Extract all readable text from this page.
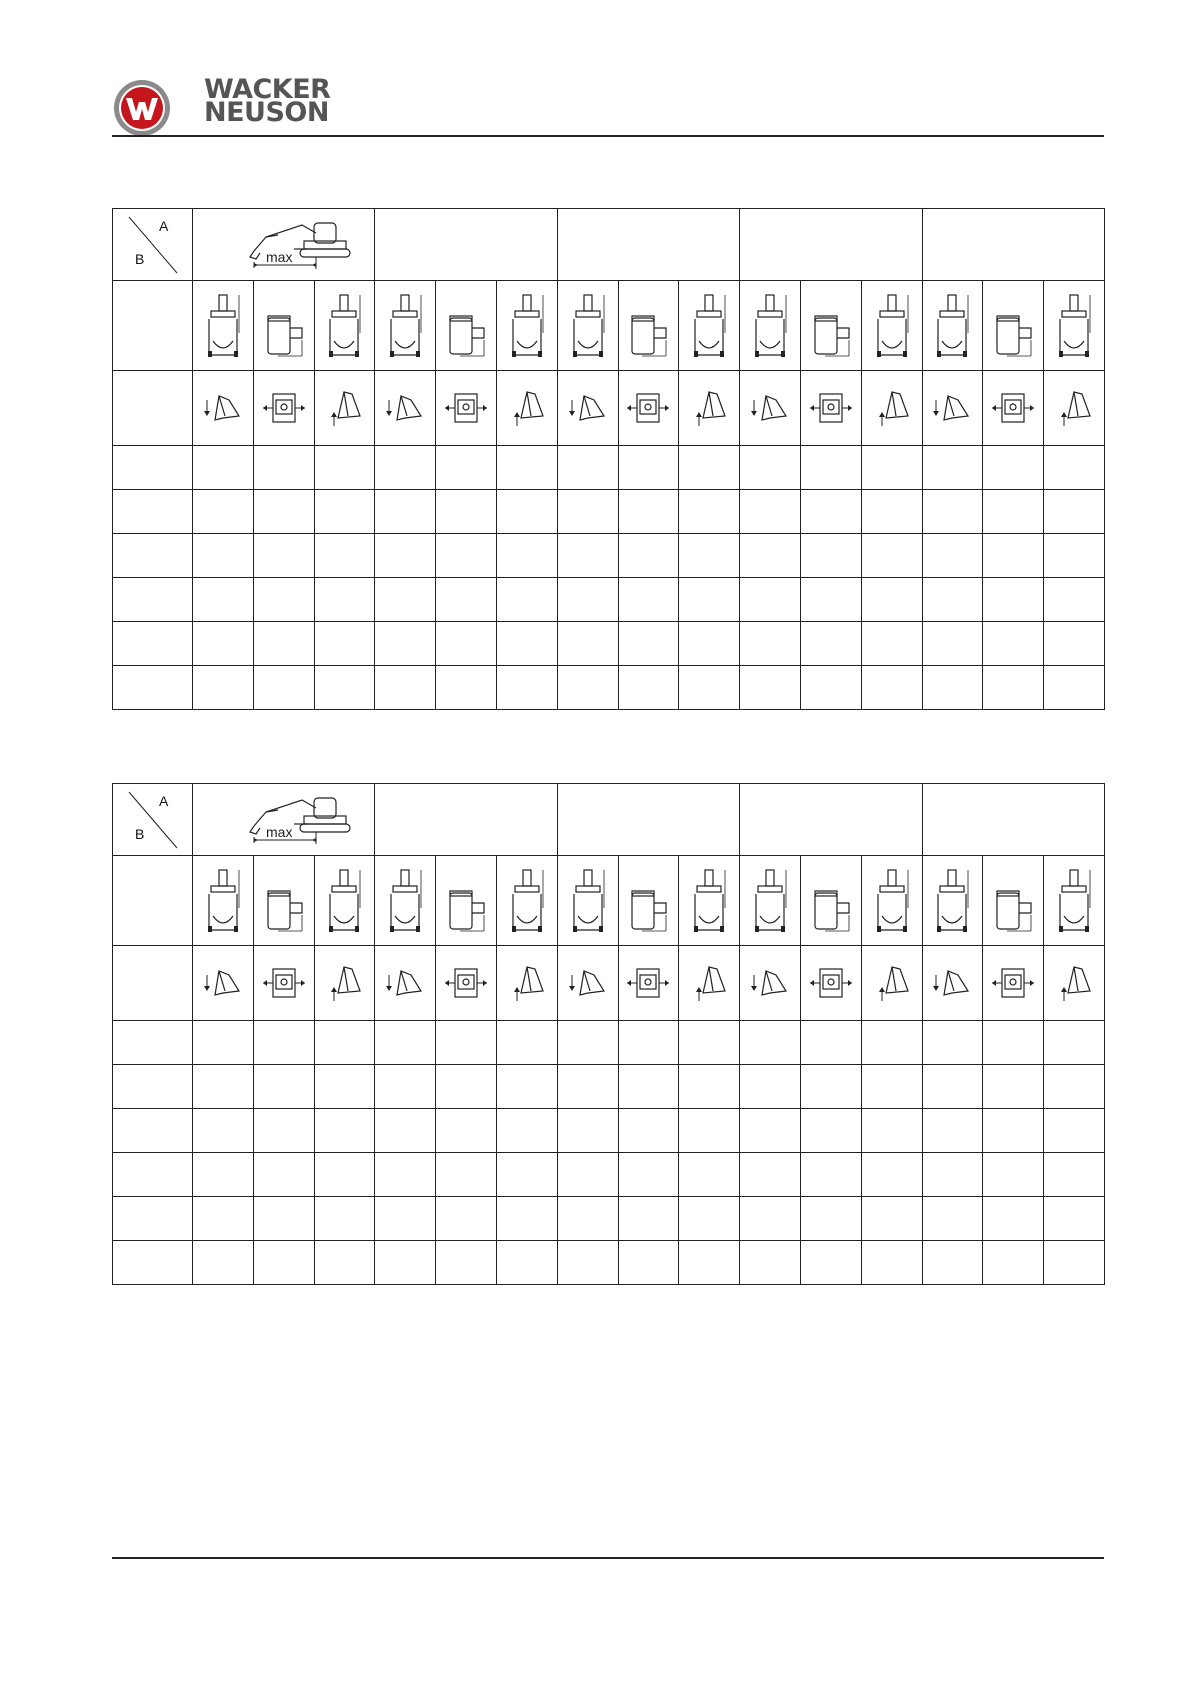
WACKER
NEUSON
A
B	max														

A
B	max														
